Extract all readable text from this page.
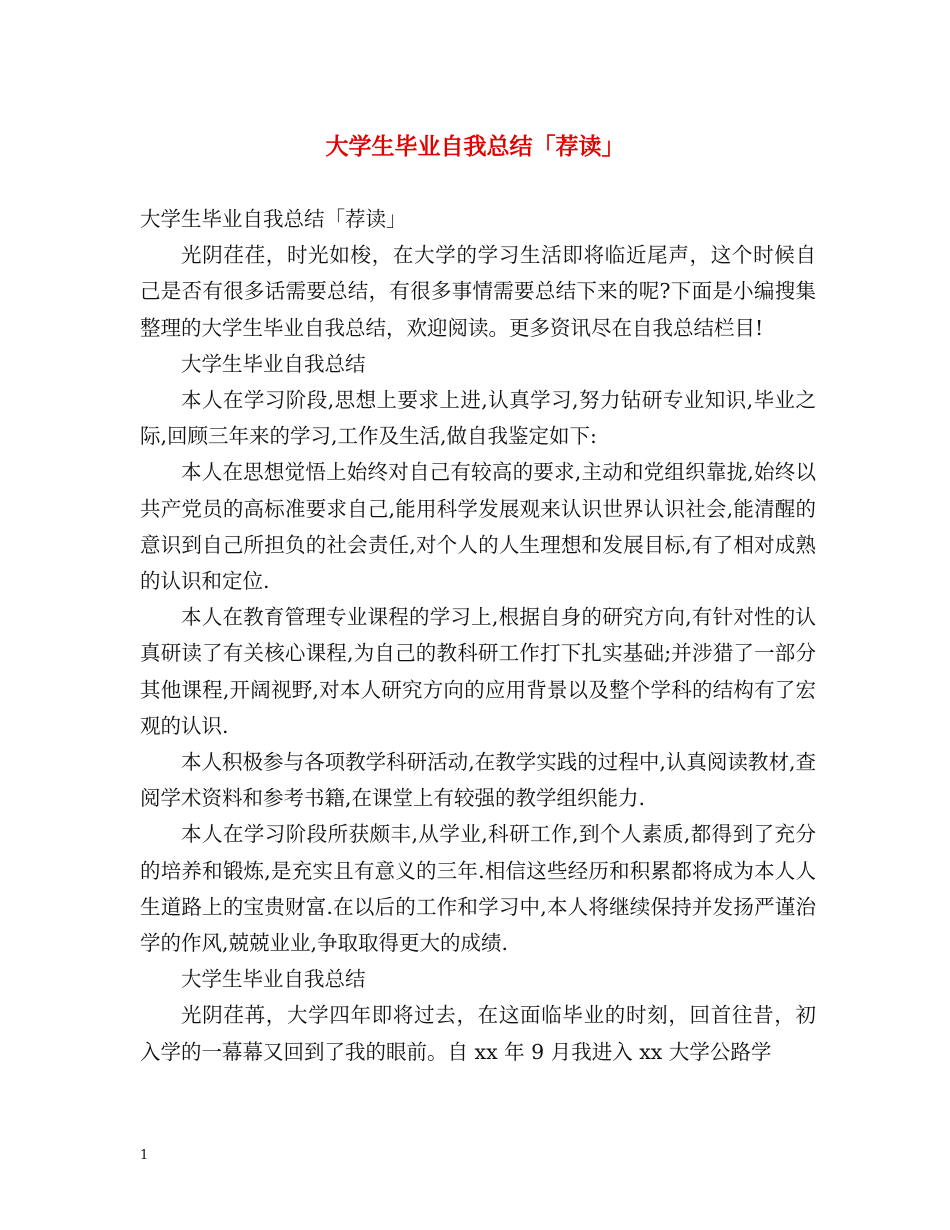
大学生毕业自我总结「荐读」

大学生毕业自我总结「荐读」

光阴荏荏，时光如梭，在大学的学习生活即将临近尾声，这个时候自己是否有很多话需要总结，有很多事情需要总结下来的呢?下面是小编搜集整理的大学生毕业自我总结，欢迎阅读。更多资讯尽在自我总结栏目!

大学生毕业自我总结

本人在学习阶段,思想上要求上进,认真学习,努力钻研专业知识,毕业之际,回顾三年来的学习,工作及生活,做自我鉴定如下:

本人在思想觉悟上始终对自己有较高的要求,主动和党组织靠拢,始终以共产党员的高标准要求自己,能用科学发展观来认识世界认识社会,能清醒的意识到自己所担负的社会责任,对个人的人生理想和发展目标,有了相对成熟的认识和定位.

本人在教育管理专业课程的学习上,根据自身的研究方向,有针对性的认真研读了有关核心课程,为自己的教科研工作打下扎实基础;并涉猎了一部分其他课程,开阔视野,对本人研究方向的应用背景以及整个学科的结构有了宏观的认识.

本人积极参与各项教学科研活动,在教学实践的过程中,认真阅读教材,查阅学术资料和参考书籍,在课堂上有较强的教学组织能力.

本人在学习阶段所获颇丰,从学业,科研工作,到个人素质,都得到了充分的培养和锻炼,是充实且有意义的三年.相信这些经历和积累都将成为本人人生道路上的宝贵财富.在以后的工作和学习中,本人将继续保持并发扬严谨治学的作风,兢兢业业,争取取得更大的成绩.

大学生毕业自我总结

光阴荏苒，大学四年即将过去，在这面临毕业的时刻，回首往昔，初入学的一幕幕又回到了我的眼前。自 xx 年 9 月我进入 xx 大学公路学

1
